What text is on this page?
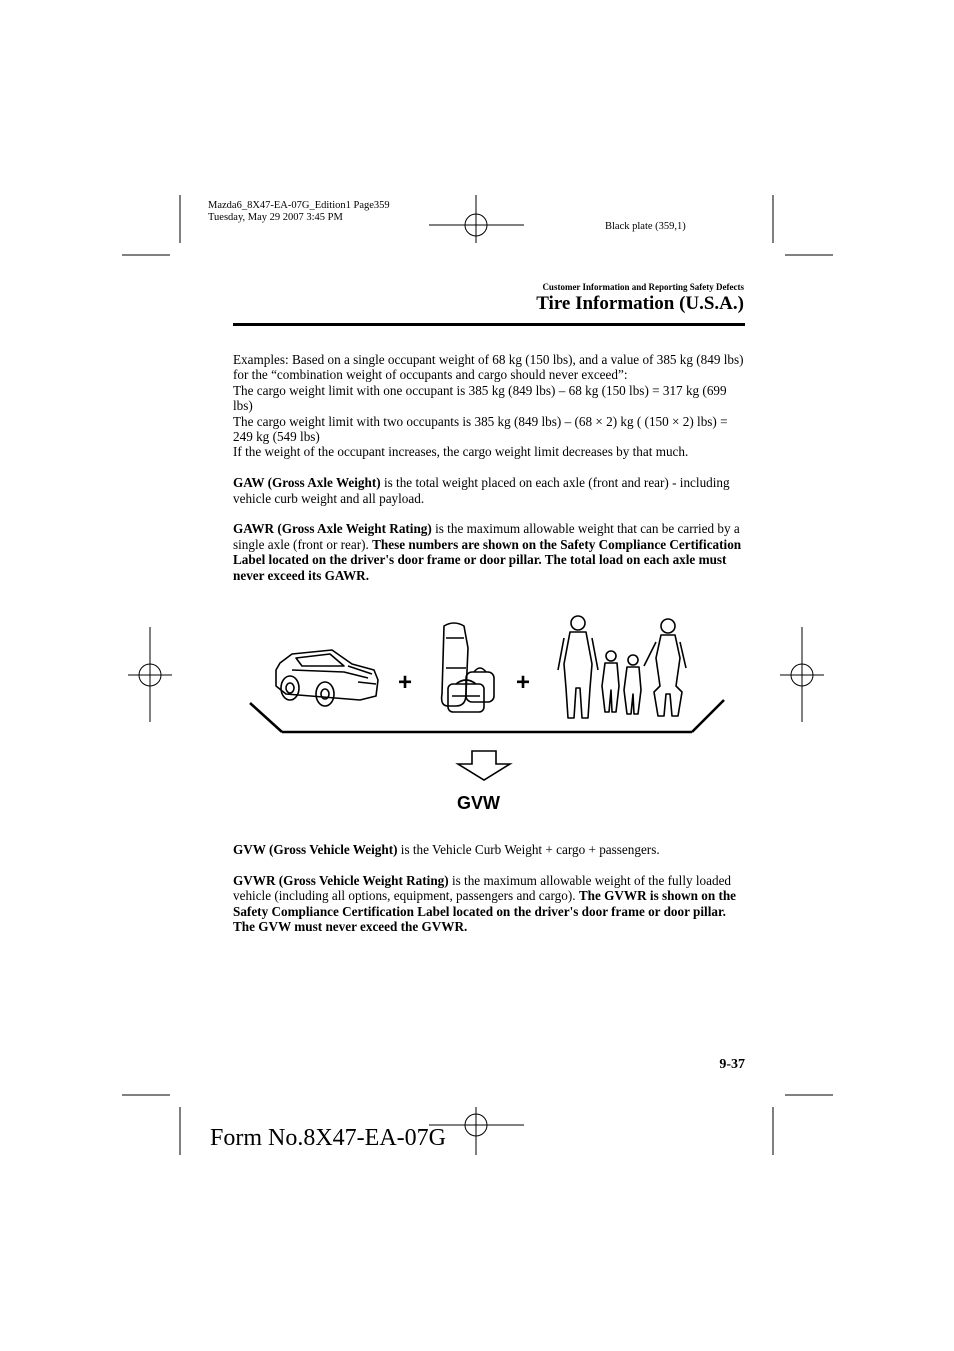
Mazda6_8X47-EA-07G_Edition1 Page359
Tuesday, May 29 2007 3:45 PM
Black plate (359,1)
Customer Information and Reporting Safety Defects
Tire Information (U.S.A.)

Examples: Based on a single occupant weight of 68 kg (150 lbs), and a value of 385 kg (849 lbs) for the “combination weight of occupants and cargo should never exceed”:

The cargo weight limit with one occupant is 385 kg (849 lbs) – 68 kg (150 lbs) = 317 kg (699 lbs)

The cargo weight limit with two occupants is 385 kg (849 lbs) – (68 × 2) kg ( (150 × 2) lbs) = 249 kg (549 lbs)

If the weight of the occupant increases, the cargo weight limit decreases by that much.

GAW (Gross Axle Weight) is the total weight placed on each axle (front and rear) - including vehicle curb weight and all payload.

GAWR (Gross Axle Weight Rating) is the maximum allowable weight that can be carried by a single axle (front or rear). These numbers are shown on the Safety Compliance Certification Label located on the driver's door frame or door pillar. The total load on each axle must never exceed its GAWR.

+	+
GVW

GVW (Gross Vehicle Weight) is the Vehicle Curb Weight + cargo + passengers.

GVWR (Gross Vehicle Weight Rating) is the maximum allowable weight of the fully loaded vehicle (including all options, equipment, passengers and cargo). The GVWR is shown on the Safety Compliance Certification Label located on the driver's door frame or door pillar. The GVW must never exceed the GVWR.

9-37
Form No.8X47-EA-07G
